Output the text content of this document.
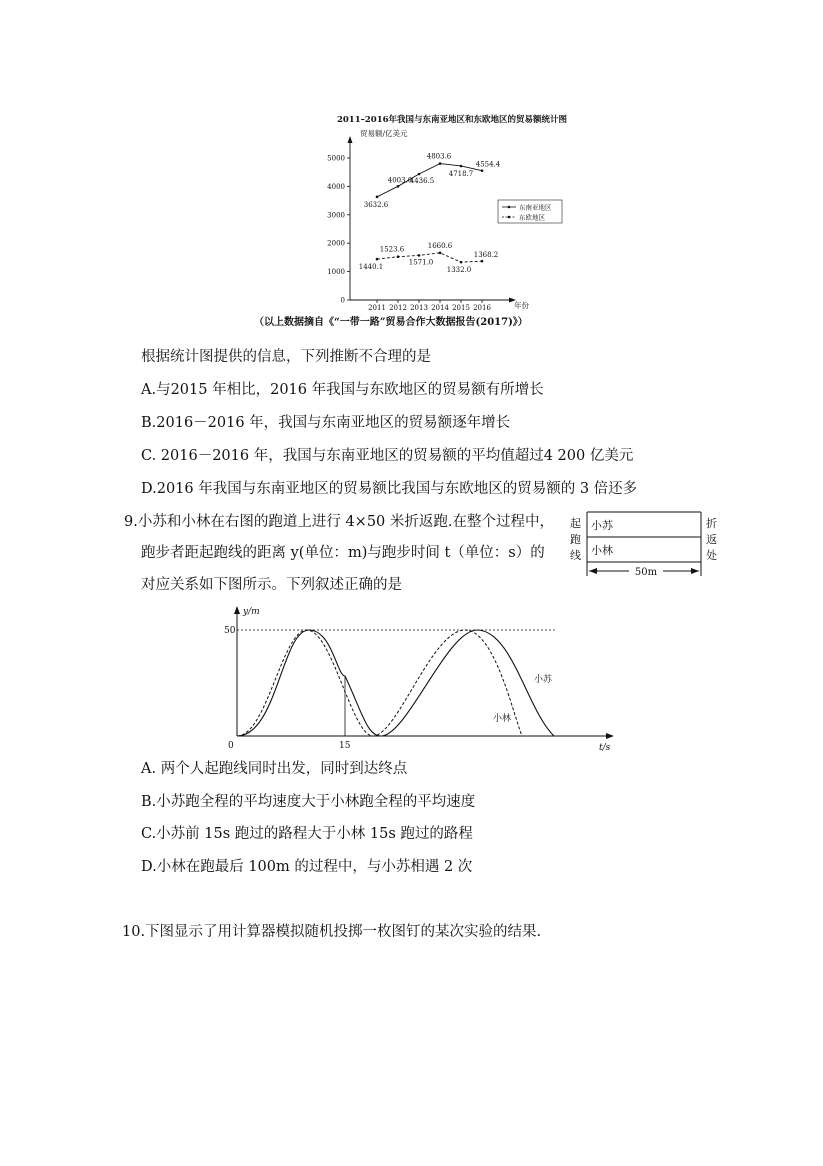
2011–2016年我国与东南亚地区和东欧地区的贸易额统计图
贸易额/亿美元
年份
0
1000
2000
3000
4000
5000
2011 2012 2013 2014 2015 2016
3632.6
4003.0
4436.5
4803.6
4718.7
4554.4
1440.1
1523.6
1571.0
1660.6
1332.0
1368.2
东南亚地区
东欧地区
（以上数据摘自《“一带一路”贸易合作大数据报告(2017)》）
根据统计图提供的信息，下列推断不合理的是
A.与2015 年相比，2016 年我国与东欧地区的贸易额有所增长
B.2016－2016 年，我国与东南亚地区的贸易额逐年增长
C. 2016－2016 年，我国与东南亚地区的贸易额的平均值超过4 200 亿美元
D.2016 年我国与东南亚地区的贸易额比我国与东欧地区的贸易额的 3 倍还多
9.小苏和小林在右图的跑道上进行 4×50 米折返跑.在整个过程中，
跑步者距起跑线的距离 y(单位：m)与跑步时间 t（单位：s）的
对应关系如下图所示。下列叙述正确的是
50m
小苏
小林
起
跑
线
折
返
处
y/m
t/s
50
0	15
小苏
小林
A. 两个人起跑线同时出发，同时到达终点
B.小苏跑全程的平均速度大于小林跑全程的平均速度
C.小苏前 15s 跑过的路程大于小林 15s 跑过的路程
D.小林在跑最后 100m 的过程中，与小苏相遇 2 次
10.下图显示了用计算器模拟随机投掷一枚图钉的某次实验的结果.
